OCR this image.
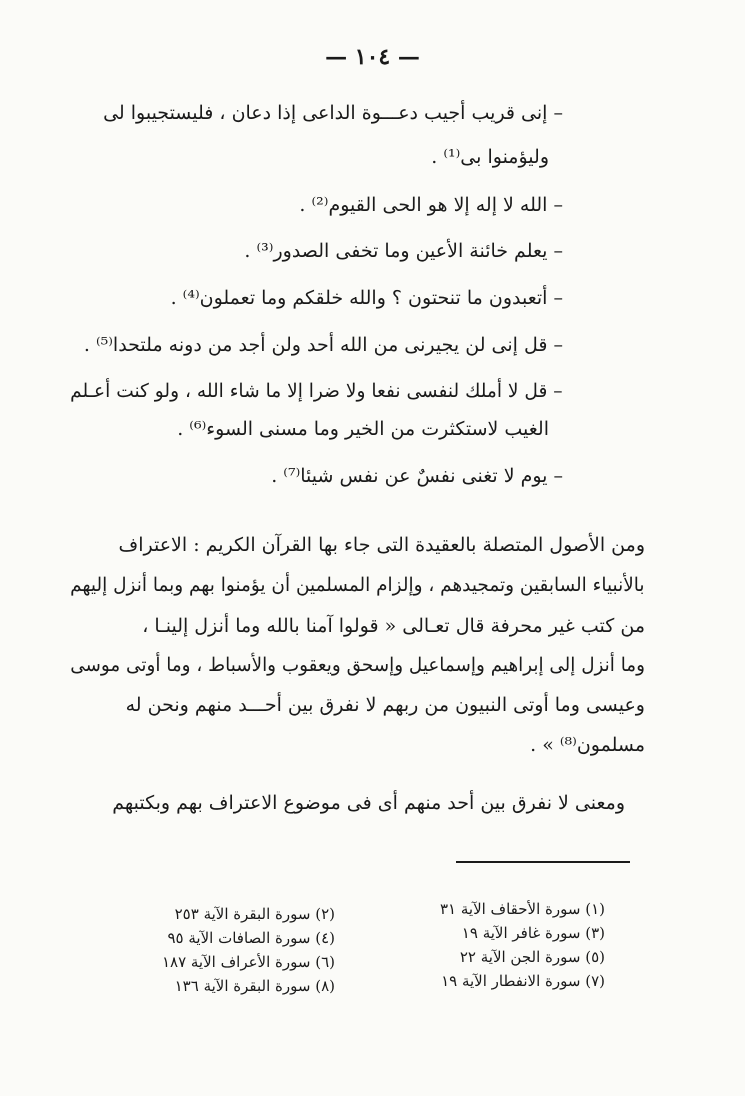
— ١٠٤ —
– إنى قريب أجيب دعـــوة الداعى إذا دعان ، فليستجيبوا لى
وليؤمنوا بى⁽¹⁾ .
– الله لا إله إلا هو الحى القيوم⁽²⁾ .
– يعلم خائنة الأعين وما تخفى الصدور⁽³⁾ .
– أتعبدون ما تنحتون ؟ والله خلقكم وما تعملون⁽⁴⁾ .
– قل إنى لن يجيرنى من الله أحد ولن أجد من دونه ملتحدا⁽⁵⁾ .
– قل لا أملك لنفسى نفعا ولا ضرا إلا ما شاء الله ، ولو كنت أعـلم
الغيب لاستكثرت من الخير وما مسنى السوء⁽⁶⁾ .
– يوم لا تغنى نفسٌ عن نفس شيئا⁽⁷⁾ .
ومن الأصول المتصلة بالعقيدة التى جاء بها القرآن الكريم : الاعتراف
بالأنبياء السابقين وتمجيدهم ، وإلزام المسلمين أن يؤمنوا بهم وبما أنزل إليهم
من كتب غير محرفة قال تعـالى « قولوا آمنا بالله وما أنزل إلينـا ،
وما أنزل إلى إبراهيم وإسماعيل وإسحق ويعقوب والأسباط ، وما أوتى موسى
وعيسى وما أوتى النبيون من ربهم لا نفرق بين أحـــد منهم ونحن له
مسلمون⁽⁸⁾ » .
ومعنى لا نفرق بين أحد منهم أى فى موضوع الاعتراف بهم وبكتبهم
(١) سورة الأحقاف الآية ٣١
(٣) سورة غافر الآية ١٩
(٥) سورة الجن الآية ٢٢
(٧) سورة الانفطار الآية ١٩
(٢) سورة البقرة الآية ٢٥٣
(٤) سورة الصافات الآية ٩٥
(٦) سورة الأعراف الآية ١٨٧
(٨) سورة البقرة الآية ١٣٦
